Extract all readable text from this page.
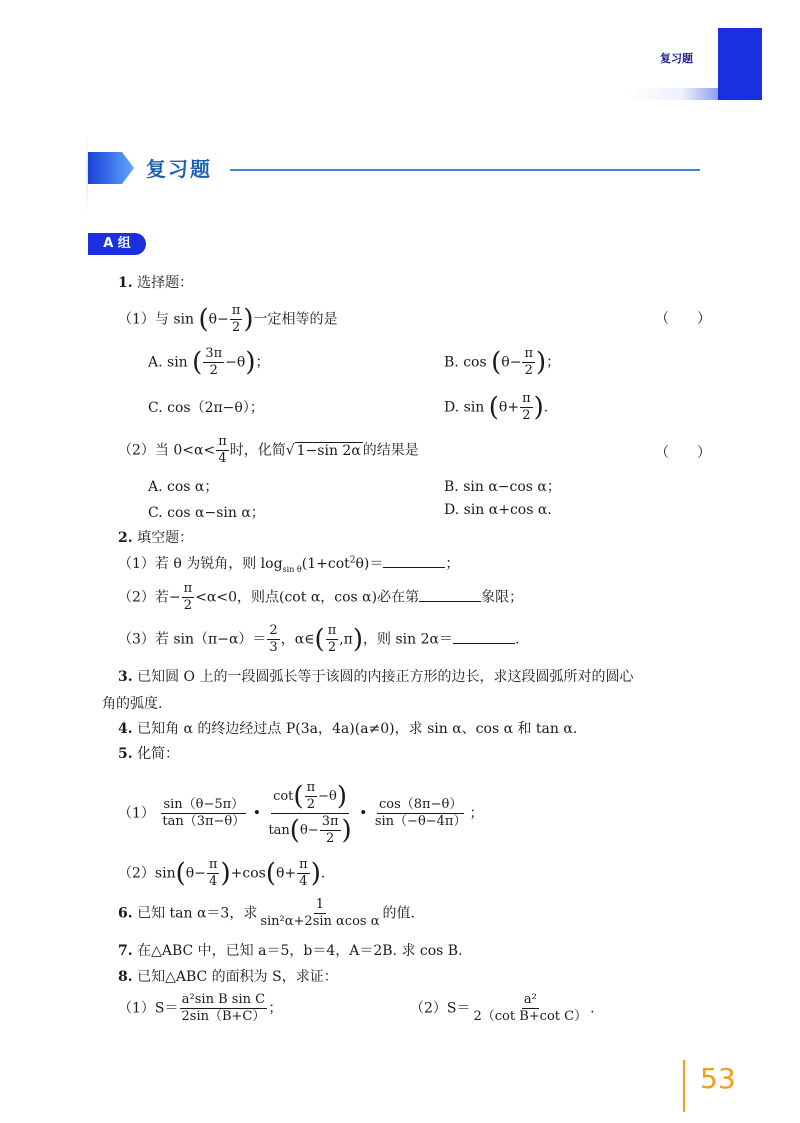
复习题
复习题
A 组
1. 选择题：
（1）与 $\sin (\theta- \frac{\pi}{2}$ )一定相等的是	（　　）
A. sin ( $\frac{3\pi}{2} -\theta$)；	B. $\cos (\theta- \frac{\pi}{2}$ )；
C. cos（2π−θ）；	D. $\sin (\theta+ \frac{\pi}{2}$ ).
（2）当 $0<\alpha< \frac{\pi}{4}$ 时，化简√ 1−sin 2α 的结果是	（　　）
A. cos α；	B. sin α−cos α；
C. cos α−sin α；	D. sin α+cos α.
2. 填空题：
（1）若 θ 为锐角，则 $\log_{sin \theta}(1+\cot^2\theta)=$	；
（2）若− $\frac{\pi}{2} <\alpha<0$，则点(cot α，cos α)必在第	象限；
（3）若 $\sin(\pi-\alpha)= \frac{2}{3}$ ，α∈( $\frac{\pi}{2} ,\pi$)，则 sin 2α＝	.
3. 已知圆 O 上的一段圆弧长等于该圆的内接正方形的边长，求这段圆弧所对的圆心
角的弧度.
4. 已知角 α 的终边经过点 P(3a，4a)(a≠0)，求 sin α、cos α 和 tan α.
5. 化简：
$(1) \frac{\sin(\theta-5\pi)}{\tan(3\pi-\theta)}$ • $\frac{\cot( \frac{\pi}{2} -\theta)}{\tan(\theta- \frac{3\pi}{2} )}$ • $\frac{\cos(8\pi-\theta)}{\sin(-\theta-4\pi)}$ ；
$(2)\sin(\theta- \frac{\pi}{4} )+\cos(\theta+ \frac{\pi}{4}$ ).
6. 已知 tan α＝3，求 $\frac{1}{\text{sin²α+2sin αcos α}}$ 的值.
7. 在△ABC 中，已知 a＝5，b＝4，A＝2B. 求 cos B.
8. 已知△ABC 的面积为 S，求证：
$(1)S= \frac{\text{a²sin B sin C}}{2\sin(B+C)}$ ；	$(2)S= \frac{\text{a²}}{\text{2（cot B+cot C）}}$ .
53
